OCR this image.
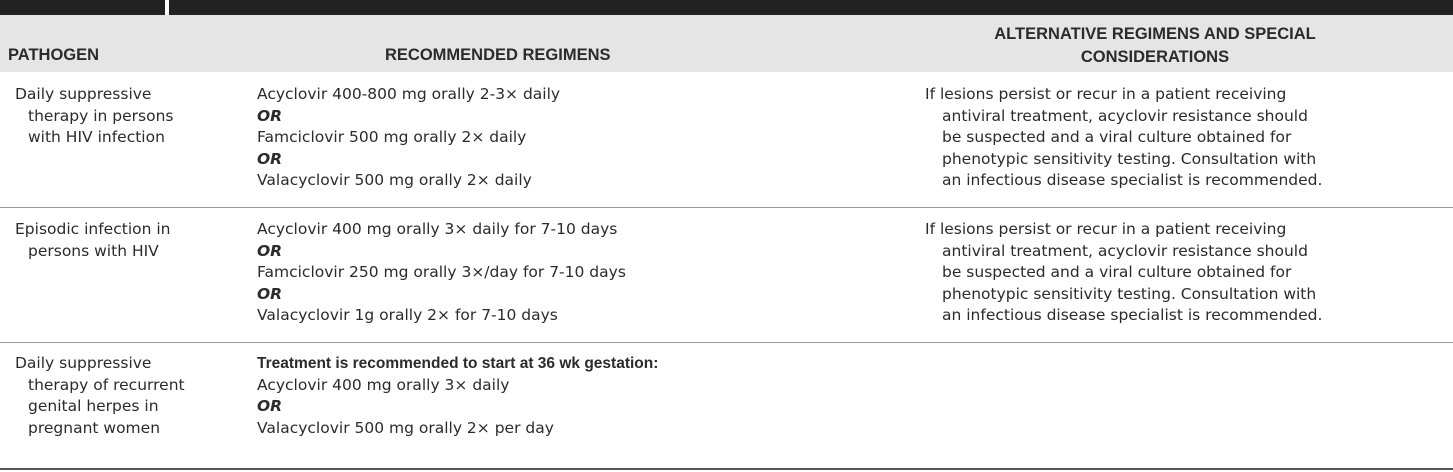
PATHOGEN	RECOMMENDED REGIMENS
ALTERNATIVE REGIMENS AND SPECIAL CONSIDERATIONS
Daily suppressive
therapy in persons
with HIV infection
Acyclovir 400-800 mg orally 2-3× daily
OR
Famciclovir 500 mg orally 2× daily
OR
Valacyclovir 500 mg orally 2× daily
If lesions persist or recur in a patient receiving
antiviral treatment, acyclovir resistance should
be suspected and a viral culture obtained for
phenotypic sensitivity testing. Consultation with
an infectious disease specialist is recommended.
Episodic infection in
persons with HIV
Acyclovir 400 mg orally 3× daily for 7-10 days
OR
Famciclovir 250 mg orally 3×/day for 7-10 days
OR
Valacyclovir 1g orally 2× for 7-10 days
If lesions persist or recur in a patient receiving
antiviral treatment, acyclovir resistance should
be suspected and a viral culture obtained for
phenotypic sensitivity testing. Consultation with
an infectious disease specialist is recommended.
Daily suppressive
therapy of recurrent
genital herpes in
pregnant women
Treatment is recommended to start at 36 wk gestation:
Acyclovir 400 mg orally 3× daily
OR
Valacyclovir 500 mg orally 2× per day
